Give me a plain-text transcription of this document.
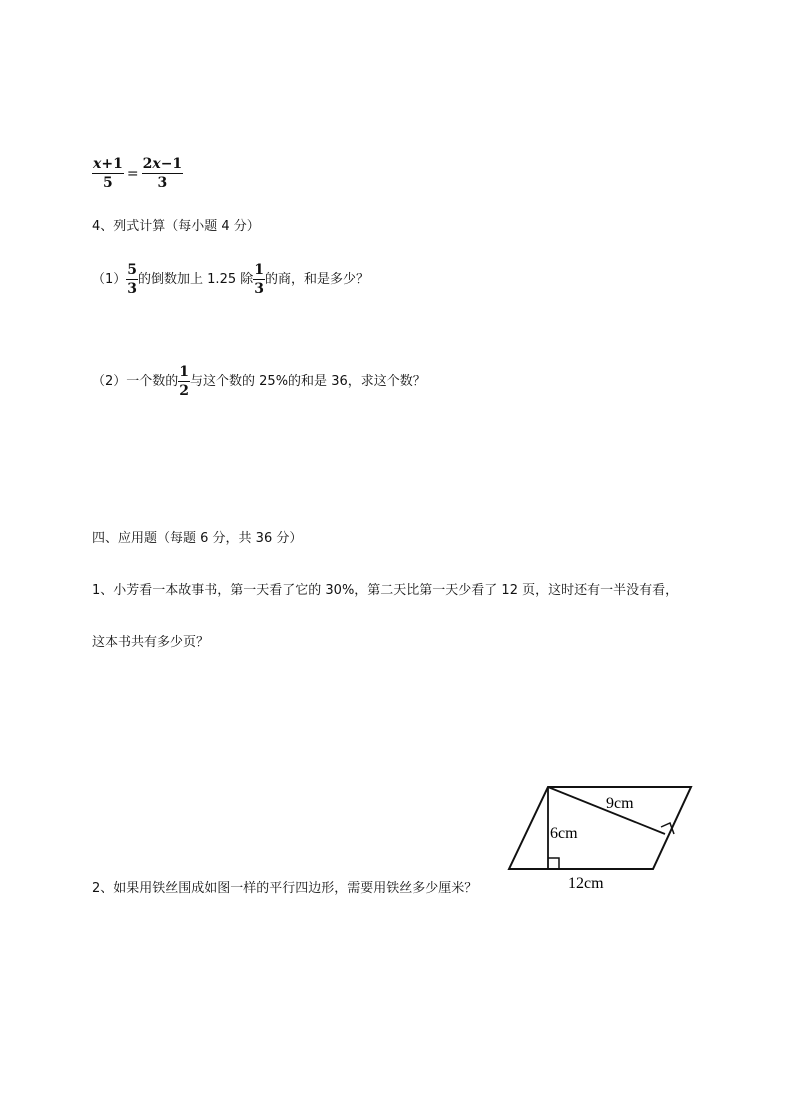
$\frac{x+1}{5} = \frac{2x-1}{3}$
4、列式计算（每小题 4 分）
$(1) \frac{5}{3}$ 的倒数加上 1.25 除 $\frac{1}{3}$ 的商，和是多少？
（2）一个数的 $\frac{1}{2}$ 与这个数的 25%的和是 36，求这个数？
四、应用题（每题 6 分，共 36 分）
1、小芳看一本故事书，第一天看了它的 30%，第二天比第一天少看了 12 页，这时还有一半没有看，
这本书共有多少页？
2、如果用铁丝围成如图一样的平行四边形，需要用铁丝多少厘米？
9cm
6cm
12cm
